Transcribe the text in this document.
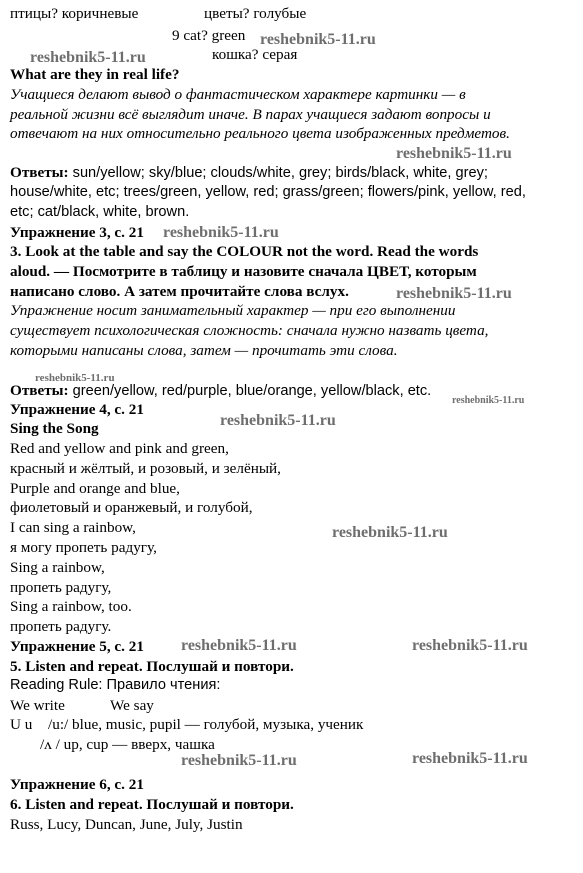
птицы? коричневые	цветы? голубые
9 cat? green reshebnik5-11.ru
reshebnik5-11.ru	кошка? серая
What are they in real life?
Учащиеся делают вывод о фантастическом характере картинки — в
реальной жизни всё выглядит иначе. В парах учащиеся задают вопросы и
отвечают на них относительно реального цвета изображенных предметов.
reshebnik5-11.ru
Ответы: sun/yellow; sky/blue; clouds/white, grey; birds/black, white, grey;
house/white, etc; trees/green, yellow, red; grass/green; flowers/pink, yellow, red,
etc; cat/black, white, brown.
Упражнение 3, с. 21 reshebnik5-11.ru
3. Look at the table and say the COLOUR not the word. Read the words
aloud. — Посмотрите в таблицу и назовите сначала ЦВЕТ, которым
написано слово. А затем прочитайте слова вслух.	reshebnik5-11.ru
Упражнение носит занимательный характер — при его выполнении
существует психологическая сложность: сначала нужно назвать цвета,
которыми написаны слова, затем — прочитать эти слова.
reshebnik5-11.ru
Ответы: green/yellow, red/purple, blue/orange, yellow/black, etc.
reshebnik5-11.ru
Упражнение 4, с. 21
reshebnik5-11.ru
Sing the Song
Red and yellow and pink and green,
красный и жёлтый, и розовый, и зелёный,
Purple and orange and blue,
фиолетовый и оранжевый, и голубой,
I can sing a rainbow,	reshebnik5-11.ru
я могу пропеть радугу,
Sing a rainbow,
пропеть радугу,
Sing a rainbow, too.
пропеть радугу.
Упражнение 5, с. 21 reshebnik5-11.ru	reshebnik5-11.ru
5. Listen and repeat. Послушай и повтори.
Reading Rule: Правило чтения:
We write	We say
U u /u:/ blue, music, pupil — голубой, музыка, ученик
/ʌ / up, cup — вверх, чашка
reshebnik5-11.ru	reshebnik5-11.ru
Упражнение 6, с. 21
6. Listen and repeat. Послушай и повтори.
Russ, Lucy, Duncan, June, July, Justin
